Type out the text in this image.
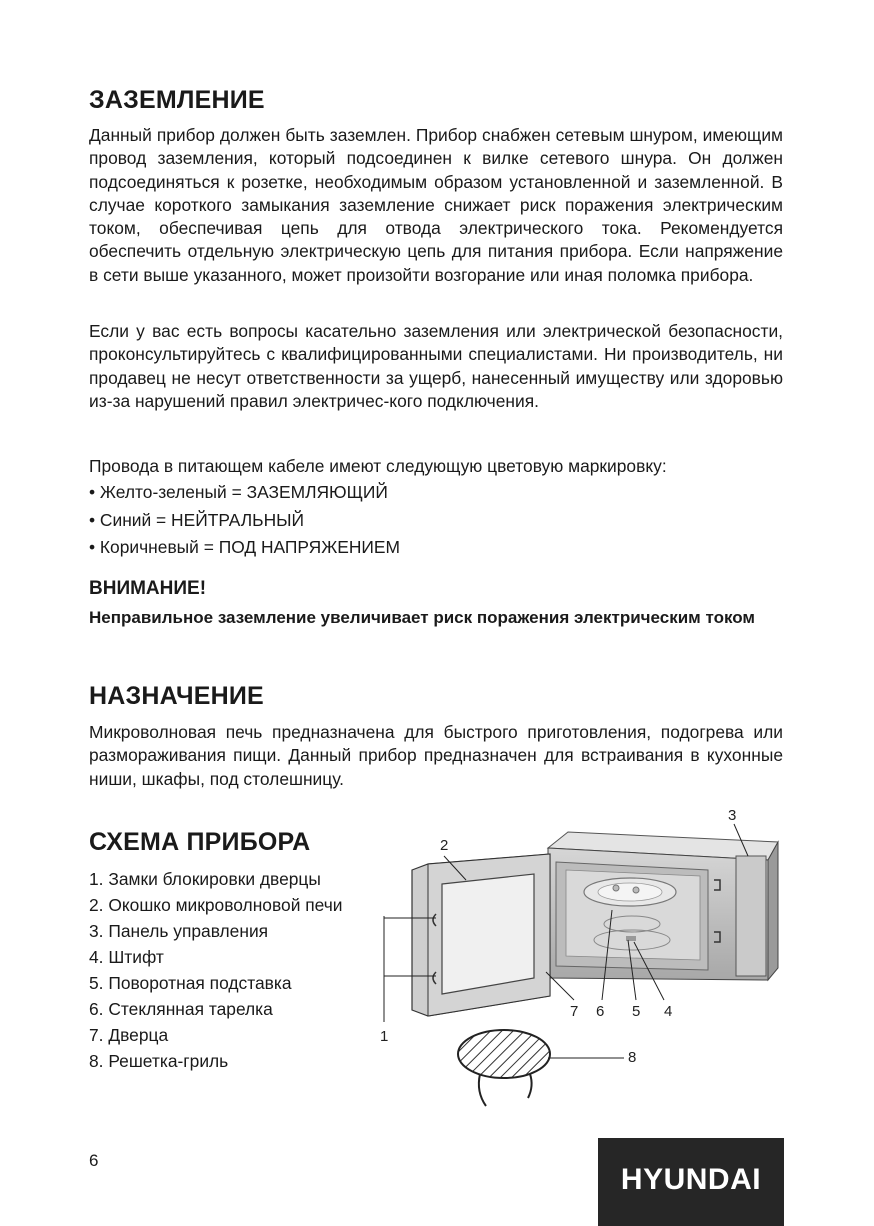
ЗАЗЕМЛЕНИЕ

Данный прибор должен быть заземлен. Прибор снабжен сетевым шнуром, имеющим провод заземления, который подсоединен к вилке сетевого шнура. Он должен подсоединяться к розетке, необходимым образом установленной и заземленной. В случае короткого замыкания заземление снижает риск поражения электрическим током, обеспечивая цепь для отвода электрического тока. Рекомендуется обеспечить отдельную электрическую цепь для питания прибора. Если напряжение в сети выше указанного, может произойти возгорание или иная поломка прибора.

Если у вас есть вопросы касательно заземления или электрической безопасности, проконсультируйтесь с квалифицированными специалистами. Ни производитель, ни продавец не несут ответственности за ущерб, нанесенный имуществу или здоровью из-за нарушений правил электричес-кого подключения.

Провода в питающем кабеле имеют следующую цветовую маркировку:

• Желто-зеленый = ЗАЗЕМЛЯЮЩИЙ
• Синий = НЕЙТРАЛЬНЫЙ
• Коричневый = ПОД НАПРЯЖЕНИЕМ
ВНИМАНИЕ!

Неправильное заземление увеличивает риск поражения электрическим током

НАЗНАЧЕНИЕ

Микроволновая печь предназначена для быстрого приготовления, подогрева или размораживания пищи. Данный прибор предназначен для встраивания в кухонные ниши, шкафы, под столешницу.

СХЕМА ПРИБОРА
1. Замки блокировки дверцы
2. Окошко микроволновой печи
3. Панель управления
4. Штифт
5. Поворотная подставка
6. Стеклянная тарелка
7. Дверца
8. Решетка-гриль
1
2
3
4
5
6
7
8
6
HYUNDAI
